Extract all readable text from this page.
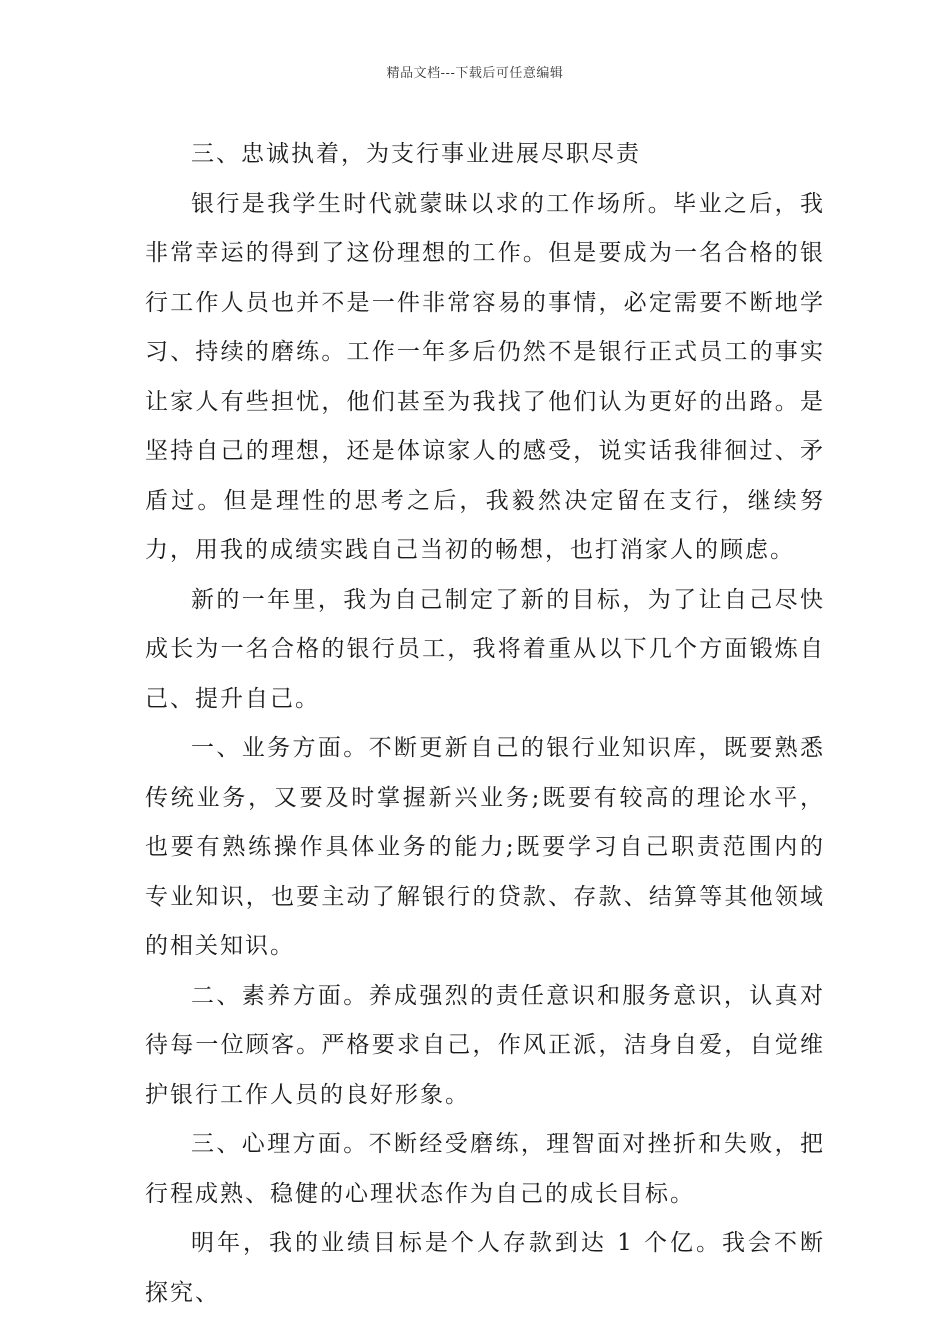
精品文档---下载后可任意编辑

三、忠诚执着，为支行事业进展尽职尽责

银行是我学生时代就蒙昧以求的工作场所。毕业之后，我非常幸运的得到了这份理想的工作。但是要成为一名合格的银行工作人员也并不是一件非常容易的事情，必定需要不断地学习、持续的磨练。工作一年多后仍然不是银行正式员工的事实让家人有些担忧，他们甚至为我找了他们认为更好的出路。是坚持自己的理想，还是体谅家人的感受，说实话我徘徊过、矛盾过。但是理性的思考之后，我毅然决定留在支行，继续努力，用我的成绩实践自己当初的畅想，也打消家人的顾虑。

新的一年里，我为自己制定了新的目标，为了让自己尽快成长为一名合格的银行员工，我将着重从以下几个方面锻炼自己、提升自己。

一、业务方面。不断更新自己的银行业知识库，既要熟悉传统业务，又要及时掌握新兴业务;既要有较高的理论水平，也要有熟练操作具体业务的能力;既要学习自己职责范围内的专业知识，也要主动了解银行的贷款、存款、结算等其他领域的相关知识。

二、素养方面。养成强烈的责任意识和服务意识，认真对待每一位顾客。严格要求自己，作风正派，洁身自爱，自觉维护银行工作人员的良好形象。

三、心理方面。不断经受磨练，理智面对挫折和失败，把行程成熟、稳健的心理状态作为自己的成长目标。

明年，我的业绩目标是个人存款到达 1 个亿。我会不断探究、
